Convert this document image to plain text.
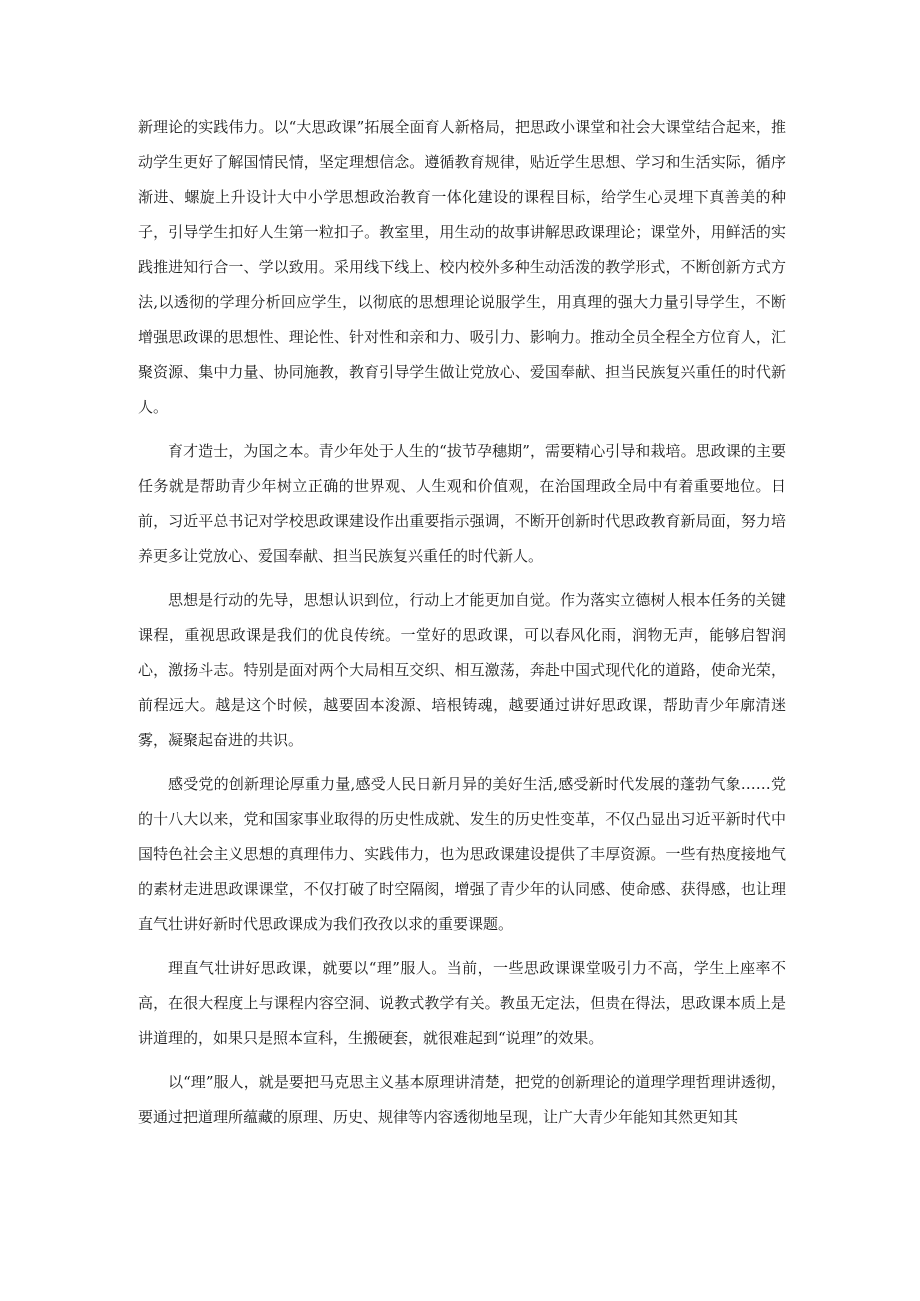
新理论的实践伟力。以“大思政课”拓展全面育人新格局，把思政小课堂和社会大课堂结合起来，推动学生更好了解国情民情，坚定理想信念。遵循教育规律，贴近学生思想、学习和生活实际，循序渐进、螺旋上升设计大中小学思想政治教育一体化建设的课程目标，给学生心灵埋下真善美的种子，引导学生扣好人生第一粒扣子。教室里，用生动的故事讲解思政课理论；课堂外，用鲜活的实践推进知行合一、学以致用。采用线下线上、校内校外多种生动活泼的教学形式，不断创新方式方法,以透彻的学理分析回应学生，以彻底的思想理论说服学生，用真理的强大力量引导学生，不断增强思政课的思想性、理论性、针对性和亲和力、吸引力、影响力。推动全员全程全方位育人，汇聚资源、集中力量、协同施教，教育引导学生做让党放心、爱国奉献、担当民族复兴重任的时代新人。

育才造士，为国之本。青少年处于人生的“拔节孕穗期”，需要精心引导和栽培。思政课的主要任务就是帮助青少年树立正确的世界观、人生观和价值观，在治国理政全局中有着重要地位。日前，习近平总书记对学校思政课建设作出重要指示强调，不断开创新时代思政教育新局面，努力培养更多让党放心、爱国奉献、担当民族复兴重任的时代新人。

思想是行动的先导，思想认识到位，行动上才能更加自觉。作为落实立德树人根本任务的关键课程，重视思政课是我们的优良传统。一堂好的思政课，可以春风化雨，润物无声，能够启智润心，激扬斗志。特别是面对两个大局相互交织、相互激荡，奔赴中国式现代化的道路，使命光荣，前程远大。越是这个时候，越要固本浚源、培根铸魂，越要通过讲好思政课，帮助青少年廓清迷雾，凝聚起奋进的共识。

感受党的创新理论厚重力量,感受人民日新月异的美好生活,感受新时代发展的蓬勃气象……党的十八大以来，党和国家事业取得的历史性成就、发生的历史性变革，不仅凸显出习近平新时代中国特色社会主义思想的真理伟力、实践伟力，也为思政课建设提供了丰厚资源。一些有热度接地气的素材走进思政课课堂，不仅打破了时空隔阂，增强了青少年的认同感、使命感、获得感，也让理直气壮讲好新时代思政课成为我们孜孜以求的重要课题。

理直气壮讲好思政课，就要以“理”服人。当前，一些思政课课堂吸引力不高，学生上座率不高，在很大程度上与课程内容空洞、说教式教学有关。教虽无定法，但贵在得法，思政课本质上是讲道理的，如果只是照本宣科，生搬硬套，就很难起到“说理”的效果。

以“理”服人，就是要把马克思主义基本原理讲清楚，把党的创新理论的道理学理哲理讲透彻，要通过把道理所蕴藏的原理、历史、规律等内容透彻地呈现，让广大青少年能知其然更知其
